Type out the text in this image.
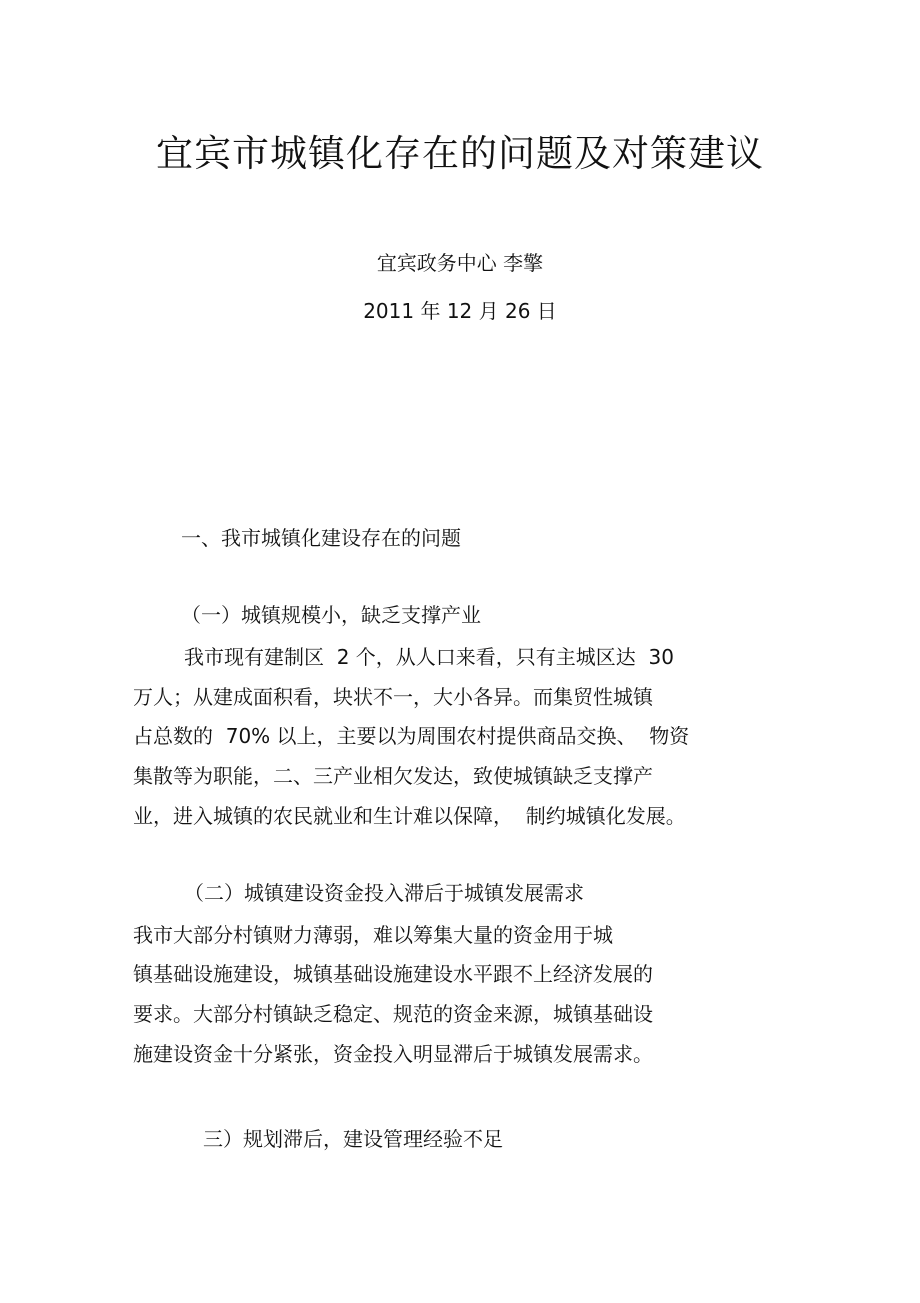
宜宾市城镇化存在的问题及对策建议
宜宾政务中心 李擎
2011 年 12 月 26 日
一、我市城镇化建设存在的问题
（一）城镇规模小，缺乏支撑产业
我市现有建制区  2 个，从人口来看，只有主城区达  30
万人；从建成面积看，块状不一，大小各异。而集贸性城镇
占总数的  70% 以上，主要以为周围农村提供商品交换、  物资
集散等为职能，二、三产业相欠发达，致使城镇缺乏支撑产
业，进入城镇的农民就业和生计难以保障，  制约城镇化发展。
（二）城镇建设资金投入滞后于城镇发展需求
我市大部分村镇财力薄弱，难以筹集大量的资金用于城
镇基础设施建设，城镇基础设施建设水平跟不上经济发展的
要求。大部分村镇缺乏稳定、规范的资金来源，城镇基础设
施建设资金十分紧张，资金投入明显滞后于城镇发展需求。
三）规划滞后，建设管理经验不足
